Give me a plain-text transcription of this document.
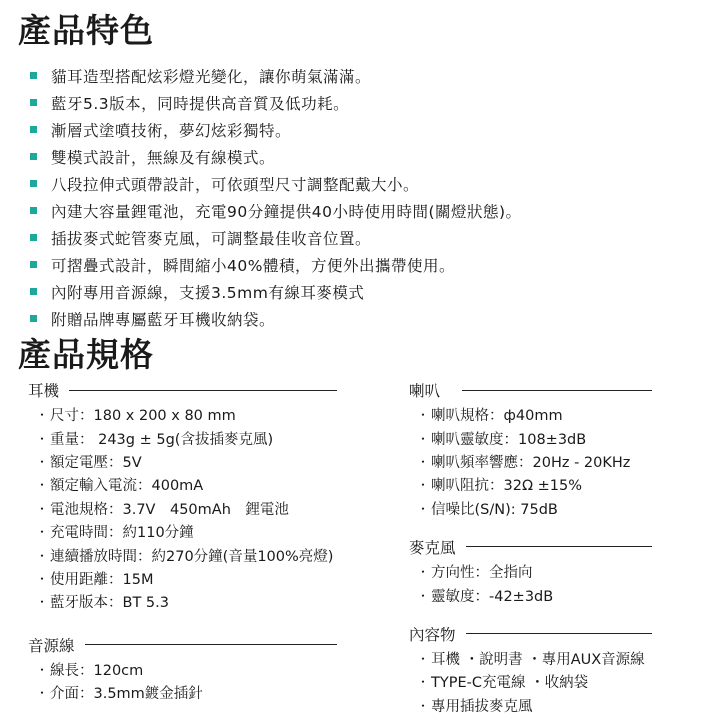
產品特色
貓耳造型搭配炫彩燈光變化，讓你萌氣滿滿。
藍牙5.3版本，同時提供高音質及低功耗。
漸層式塗噴技術，夢幻炫彩獨特。
雙模式設計，無線及有線模式。
八段拉伸式頭帶設計，可依頭型尺寸調整配戴大小。
內建大容量鋰電池，充電90分鐘提供40小時使用時間(關燈狀態)。
插拔麥式蛇管麥克風，可調整最佳收音位置。
可摺疊式設計，瞬間縮小40%體積，方便外出攜帶使用。
內附專用音源線，支援3.5mm有線耳麥模式
附贈品牌專屬藍牙耳機收納袋。
產品規格
耳機
・ 尺寸：180 x 200 x 80 mm
・ 重量： 243g ± 5g(含拔插麥克風)
・ 額定電壓：5V
・ 額定輸入電流：400mA
・ 電池規格：3.7V　450mAh　鋰電池
・ 充電時間：約110分鐘
・ 連續播放時間：約270分鐘(音量100%亮燈)
・ 使用距離：15M
・ 藍牙版本：BT 5.3
音源線
・ 線長：120cm
・ 介面：3.5mm鍍金插針
喇叭
・ 喇叭規格：ф40mm
・ 喇叭靈敏度：108±3dB
・ 喇叭頻率響應：20Hz - 20KHz
・ 喇叭阻抗：32Ω ±15%
・ 信噪比(S/N): 75dB
麥克風
・ 方向性：全指向
・ 靈敏度：-42±3dB
內容物
・ 耳機 ・說明書 ・專用AUX音源線
・ TYPE-C充電線 ・收納袋
・ 專用插拔麥克風
